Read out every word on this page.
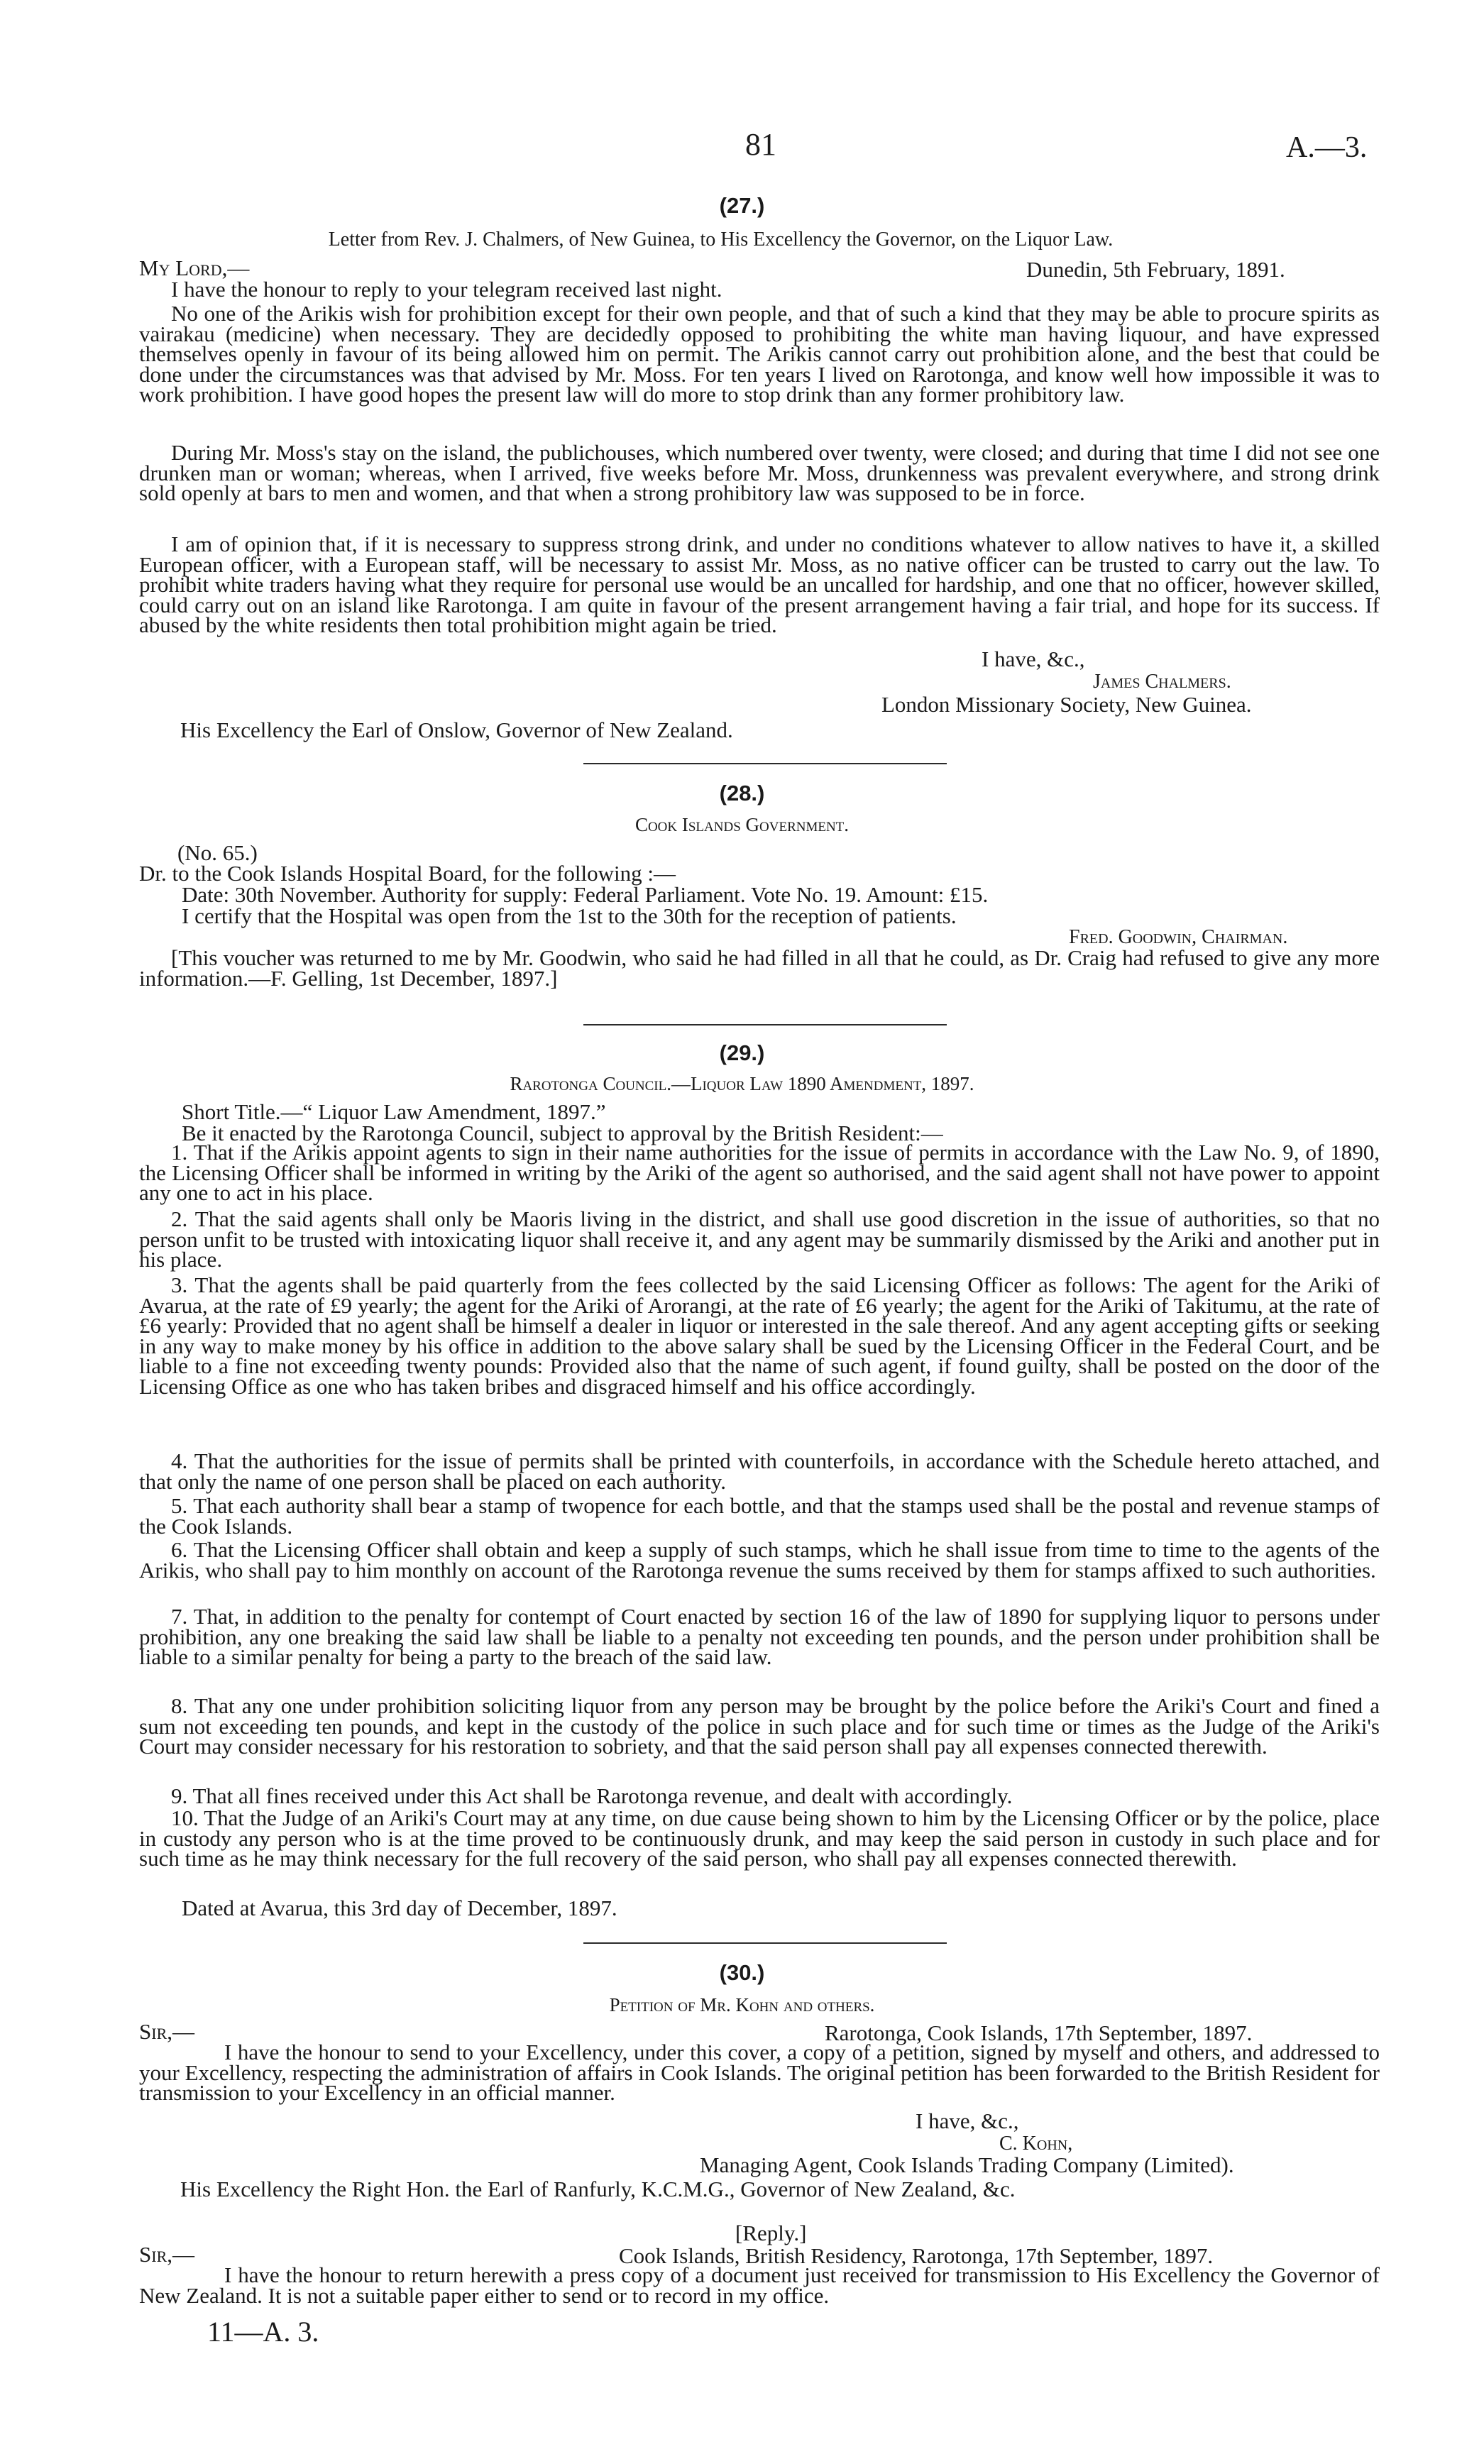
81	A.—3.
(27.)
Letter from Rev. J. Chalmers, of New Guinea, to His Excellency the Governor, on the Liquor Law.
My Lord,—	Dunedin, 5th February, 1891.

I have the honour to reply to your telegram received last night.

No one of the Arikis wish for prohibition except for their own people, and that of such a kind that they may be able to procure spirits as vairakau (medicine) when necessary. They are decidedly opposed to prohibiting the white man having liquour, and have expressed themselves openly in favour of its being allowed him on permit. The Arikis cannot carry out prohibition alone, and the best that could be done under the circumstances was that advised by Mr. Moss. For ten years I lived on Rarotonga, and know well how impossible it was to work prohibition. I have good hopes the present law will do more to stop drink than any former prohibitory law.

During Mr. Moss's stay on the island, the publichouses, which numbered over twenty, were closed; and during that time I did not see one drunken man or woman; whereas, when I arrived, five weeks before Mr. Moss, drunkenness was prevalent everywhere, and strong drink sold openly at bars to men and women, and that when a strong prohibitory law was supposed to be in force.

I am of opinion that, if it is necessary to suppress strong drink, and under no conditions whatever to allow natives to have it, a skilled European officer, with a European staff, will be necessary to assist Mr. Moss, as no native officer can be trusted to carry out the law. To prohibit white traders having what they require for personal use would be an uncalled for hardship, and one that no officer, however skilled, could carry out on an island like Rarotonga. I am quite in favour of the present arrangement having a fair trial, and hope for its success. If abused by the white residents then total prohibition might again be tried.

I have, &c.,
James Chalmers.
London Missionary Society, New Guinea.
His Excellency the Earl of Onslow, Governor of New Zealand.
(28.)
Cook Islands Government.
(No. 65.)
Dr. to the Cook Islands Hospital Board, for the following :—
Date: 30th November. Authority for supply: Federal Parliament. Vote No. 19. Amount: £15.
I certify that the Hospital was open from the 1st to the 30th for the reception of patients.
Fred. Goodwin, Chairman.

[This voucher was returned to me by Mr. Goodwin, who said he had filled in all that he could, as Dr. Craig had refused to give any more information.—F. Gelling, 1st December, 1897.]

(29.)
Rarotonga Council.—Liquor Law 1890 Amendment, 1897.
Short Title.—“ Liquor Law Amendment, 1897.”
Be it enacted by the Rarotonga Council, subject to approval by the British Resident:—

1. That if the Arikis appoint agents to sign in their name authorities for the issue of permits in accordance with the Law No. 9, of 1890, the Licensing Officer shall be informed in writing by the Ariki of the agent so authorised, and the said agent shall not have power to appoint any one to act in his place.

2. That the said agents shall only be Maoris living in the district, and shall use good discretion in the issue of authorities, so that no person unfit to be trusted with intoxicating liquor shall receive it, and any agent may be summarily dismissed by the Ariki and another put in his place.

3. That the agents shall be paid quarterly from the fees collected by the said Licensing Officer as follows: The agent for the Ariki of Avarua, at the rate of £9 yearly; the agent for the Ariki of Arorangi, at the rate of £6 yearly; the agent for the Ariki of Takitumu, at the rate of £6 yearly: Provided that no agent shall be himself a dealer in liquor or interested in the sale thereof. And any agent accepting gifts or seeking in any way to make money by his office in addition to the above salary shall be sued by the Licensing Officer in the Federal Court, and be liable to a fine not exceeding twenty pounds: Provided also that the name of such agent, if found guilty, shall be posted on the door of the Licensing Office as one who has taken bribes and disgraced himself and his office accordingly.

4. That the authorities for the issue of permits shall be printed with counterfoils, in accordance with the Schedule hereto attached, and that only the name of one person shall be placed on each authority.

5. That each authority shall bear a stamp of twopence for each bottle, and that the stamps used shall be the postal and revenue stamps of the Cook Islands.

6. That the Licensing Officer shall obtain and keep a supply of such stamps, which he shall issue from time to time to the agents of the Arikis, who shall pay to him monthly on account of the Rarotonga revenue the sums received by them for stamps affixed to such authorities.

7. That, in addition to the penalty for contempt of Court enacted by section 16 of the law of 1890 for supplying liquor to persons under prohibition, any one breaking the said law shall be liable to a penalty not exceeding ten pounds, and the person under prohibition shall be liable to a similar penalty for being a party to the breach of the said law.

8. That any one under prohibition soliciting liquor from any person may be brought by the police before the Ariki's Court and fined a sum not exceeding ten pounds, and kept in the custody of the police in such place and for such time or times as the Judge of the Ariki's Court may consider necessary for his restoration to sobriety, and that the said person shall pay all expenses connected therewith.

9. That all fines received under this Act shall be Rarotonga revenue, and dealt with accordingly.

10. That the Judge of an Ariki's Court may at any time, on due cause being shown to him by the Licensing Officer or by the police, place in custody any person who is at the time proved to be continuously drunk, and may keep the said person in custody in such place and for such time as he may think necessary for the full recovery of the said person, who shall pay all expenses connected therewith.

Dated at Avarua, this 3rd day of December, 1897.
(30.)
Petition of Mr. Kohn and others.
Sir,—	Rarotonga, Cook Islands, 17th September, 1897.

I have the honour to send to your Excellency, under this cover, a copy of a petition, signed by myself and others, and addressed to your Excellency, respecting the administration of affairs in Cook Islands. The original petition has been forwarded to the British Resident for transmission to your Excellency in an official manner.

I have, &c.,
C. Kohn,
Managing Agent, Cook Islands Trading Company (Limited).
His Excellency the Right Hon. the Earl of Ranfurly, K.C.M.G., Governor of New Zealand, &c.
[Reply.]
Sir,—	Cook Islands, British Residency, Rarotonga, 17th September, 1897.

I have the honour to return herewith a press copy of a document just received for transmission to His Excellency the Governor of New Zealand. It is not a suitable paper either to send or to record in my office.

11—A. 3.
